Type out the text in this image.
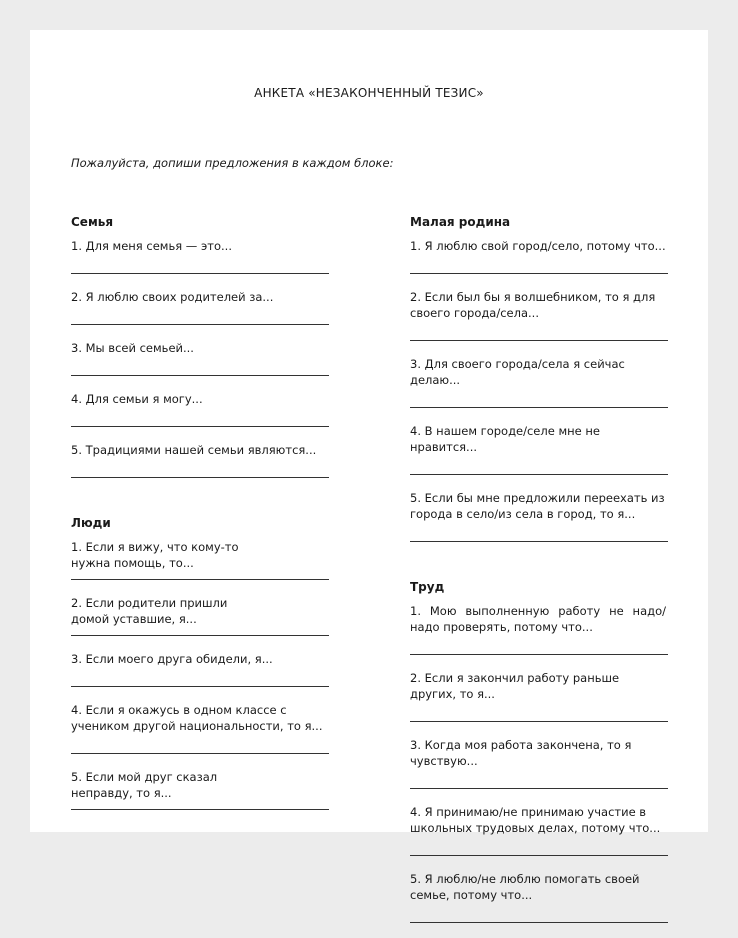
АНКЕТА «НЕЗАКОНЧЕННЫЙ ТЕЗИС»
Пожалуйста, допиши предложения в каждом блоке:
Семья

1. Для меня семья — это...

2. Я люблю своих родителей за...

3. Мы всей семьей...

4. Для семьи я могу...

5. Традициями нашей семьи являются...

Люди

1. Если я вижу, что кому-то нужна помощь, то...

2. Если родители пришли домой уставшие, я...

3. Если моего друга обидели, я...

4. Если я окажусь в одном классе с учеником другой национальности, то я...

5. Если мой друг сказал неправду, то я...

Малая родина

1. Я люблю свой город/село, потому что...

2. Если был бы я волшебником, то я для своего города/села...

3. Для своего города/села я сейчас делаю...

4. В нашем городе/селе мне не нравится...

5. Если бы мне предложили переехать из города в село/из села в город, то я...

Труд

1. Мою выполненную работу не надо/надо проверять, потому что...

2. Если я закончил работу раньше других, то я...

3. Когда моя работа закончена, то я чувствую...

4. Я принимаю/не принимаю участие в школьных трудовых делах, потому что...

5. Я люблю/не люблю помогать своей семье, потому что...
